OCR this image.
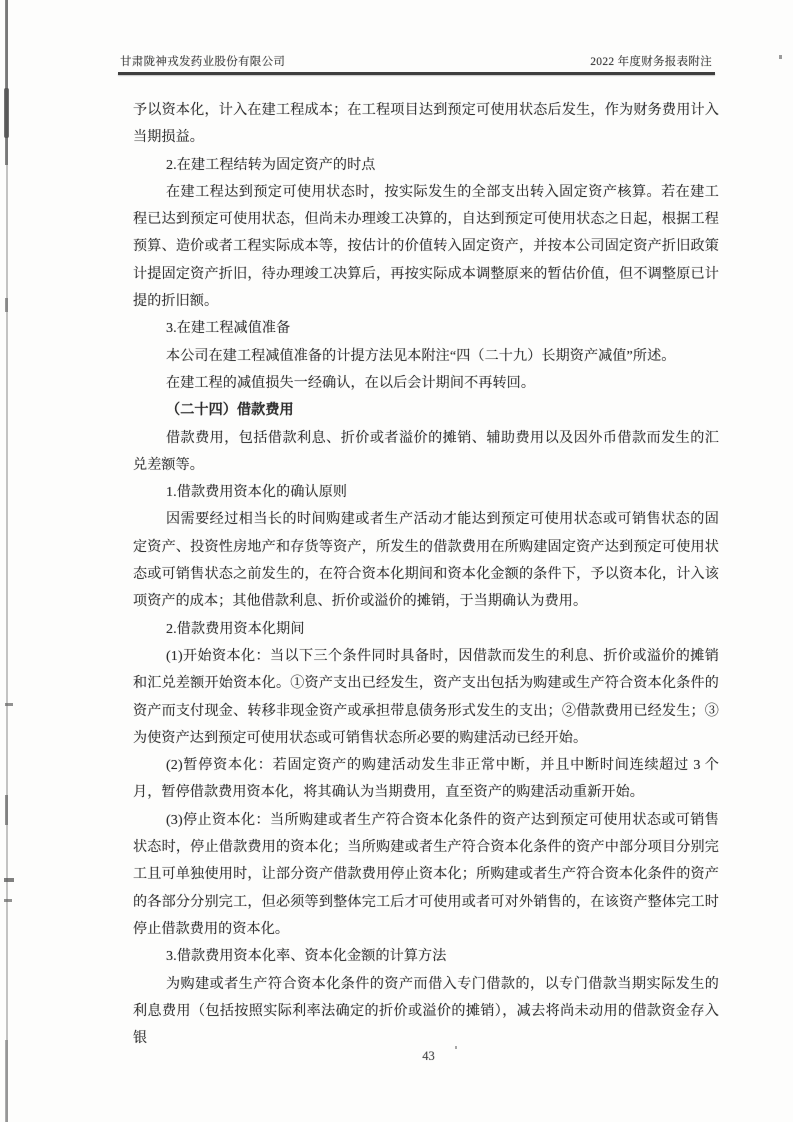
甘肃陇神戎发药业股份有限公司	2022 年度财务报表附注

予以资本化，计入在建工程成本；在工程项目达到预定可使用状态后发生，作为财务费用计入当期损益。

2.在建工程结转为固定资产的时点

在建工程达到预定可使用状态时，按实际发生的全部支出转入固定资产核算。若在建工程已达到预定可使用状态，但尚未办理竣工决算的，自达到预定可使用状态之日起，根据工程预算、造价或者工程实际成本等，按估计的价值转入固定资产，并按本公司固定资产折旧政策计提固定资产折旧，待办理竣工决算后，再按实际成本调整原来的暂估价值，但不调整原已计提的折旧额。

3.在建工程减值准备

本公司在建工程减值准备的计提方法见本附注“四（二十九）长期资产减值”所述。

在建工程的减值损失一经确认，在以后会计期间不再转回。

（二十四）借款费用

借款费用，包括借款利息、折价或者溢价的摊销、辅助费用以及因外币借款而发生的汇兑差额等。

1.借款费用资本化的确认原则

因需要经过相当长的时间购建或者生产活动才能达到预定可使用状态或可销售状态的固定资产、投资性房地产和存货等资产，所发生的借款费用在所购建固定资产达到预定可使用状态或可销售状态之前发生的，在符合资本化期间和资本化金额的条件下，予以资本化，计入该项资产的成本；其他借款利息、折价或溢价的摊销，于当期确认为费用。

2.借款费用资本化期间

(1)开始资本化：当以下三个条件同时具备时，因借款而发生的利息、折价或溢价的摊销和汇兑差额开始资本化。①资产支出已经发生，资产支出包括为购建或生产符合资本化条件的资产而支付现金、转移非现金资产或承担带息债务形式发生的支出；②借款费用已经发生；③为使资产达到预定可使用状态或可销售状态所必要的购建活动已经开始。

(2)暂停资本化：若固定资产的购建活动发生非正常中断，并且中断时间连续超过 3 个月，暂停借款费用资本化，将其确认为当期费用，直至资产的购建活动重新开始。

(3)停止资本化：当所购建或者生产符合资本化条件的资产达到预定可使用状态或可销售状态时，停止借款费用的资本化；当所购建或者生产符合资本化条件的资产中部分项目分别完工且可单独使用时，让部分资产借款费用停止资本化；所购建或者生产符合资本化条件的资产的各部分分别完工，但必须等到整体完工后才可使用或者可对外销售的，在该资产整体完工时停止借款费用的资本化。

3.借款费用资本化率、资本化金额的计算方法

为购建或者生产符合资本化条件的资产而借入专门借款的，以专门借款当期实际发生的利息费用（包括按照实际利率法确定的折价或溢价的摊销），减去将尚未动用的借款资金存入银

43
